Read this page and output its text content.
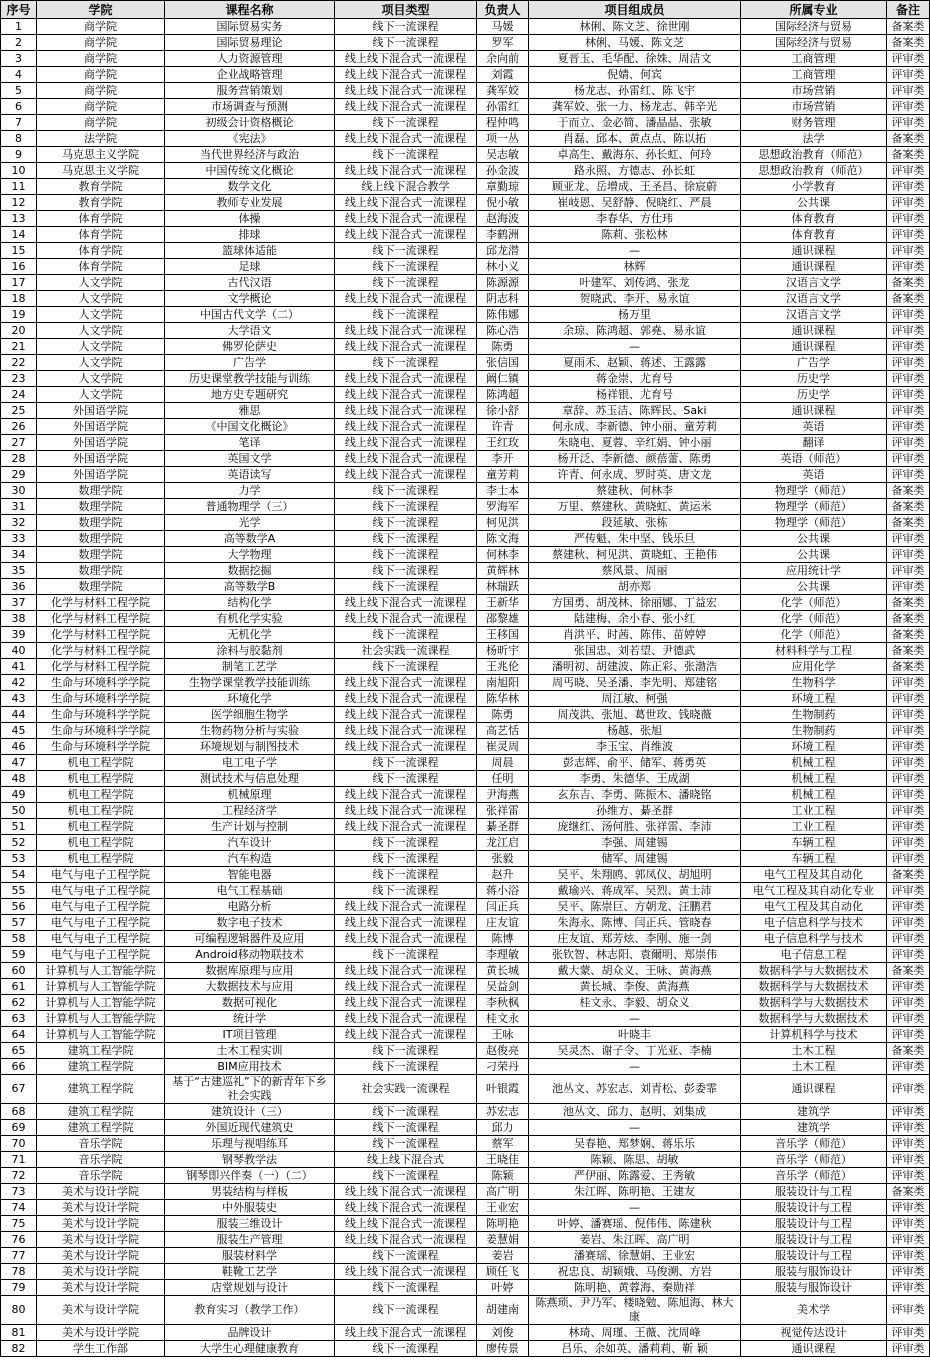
序号	学院	课程名称	项目类型	负责人	项目组成员	所属专业	备注
1	商学院	国际贸易实务	线下一流课程	马媛	林俐、陈文芝、徐世刚	国际经济与贸易	备案类
2	商学院	国际贸易理论	线下一流课程	罗军	林俐、马媛、陈文芝	国际经济与贸易	备案类
3	商学院	人力资源管理	线上线下混合式一流课程	余向前	夏晋玉、毛华配、徐姝、周洁文	工商管理	评审类
4	商学院	企业战略管理	线上线下混合式一流课程	刘霞	倪婧、何宾	工商管理	评审类
5	商学院	服务营销策划	线上线下混合式一流课程	龚军姣	杨龙志、孙雷红、陈飞宇	市场营销	评审类
6	商学院	市场调查与预测	线上线下混合式一流课程	孙雷红	龚军姣、张一力、杨龙志、韩辛光	市场营销	评审类
7	商学院	初级会计资格概论	线下一流课程	程仲鸣	于而立、金必简、潘晶晶、张敏	财务管理	评审类
8	法学院	《宪法》	线上线下混合式一流课程	项一丛	肖磊、邱本、黄点点、陈以拓	法学	备案类
9	马克思主义学院	当代世界经济与政治	线下一流课程	吴志敏	卓高生、戴海东、孙长虹、何玲	思想政治教育（师范）	备案类
10	马克思主义学院	中国传统文化概论	线上线下混合式一流课程	孙金波	路永照、方德志、孙长虹	思想政治教育（师范）	评审类
11	教育学院	数学文化	线上线下混合教学	章勤琼	顾亚龙、岳增成、王圣昌、徐宸蔚	小学教育	评审类
12	教育学院	教师专业发展	线上线下混合式一流课程	倪小敏	崔岐恩、吴舒静、倪晓红、严晨	公共课	评审类
13	体育学院	体操	线上线下混合式一流课程	赵海波	李春华、方仕玮	体育教育	评审类
14	体育学院	排球	线上线下混合式一流课程	李鹤洲	陈莉、张松林	体育教育	评审类
15	体育学院	篮球体适能	线下一流课程	邱龙潜	—	通识课程	评审类
16	体育学院	足球	线下一流课程	林小义	林辉	通识课程	评审类
17	人文学院	古代汉语	线下一流课程	陈源源	叶建军、刘传鸿、张龙	汉语言文学	备案类
18	人文学院	文学概论	线上线下混合式一流课程	阴志科	贺晓武、李开、易永谊	汉语言文学	备案类
19	人文学院	中国古代文学（二）	线下一流课程	陈伟娜	杨万里	汉语言文学	评审类
20	人文学院	大学语文	线上线下混合式一流课程	陈心浩	余琼、陈鸿超、郭堯、易永谊	通识课程	评审类
21	人文学院	佛罗伦萨史	线上线下混合式一流课程	陈勇	—	通识课程	评审类
22	人文学院	广告学	线下一流课程	张信国	夏雨禾、赵颖、蒋述、王露露	广告学	评审类
23	人文学院	历史课堂教学技能与训练	线上线下混合式一流课程	阚仁镇	蒋金崇、尤育号	历史学	评审类
24	人文学院	地方史专题研究	线上线下混合式一流课程	陈鸿超	杨祥银、尤育号	历史学	评审类
25	外国语学院	雅思	线上线下混合式一流课程	徐小舒	章辞、苏玉洁、陈辉民、Saki	通识课程	评审类
26	外国语学院	《中国文化概论》	线上线下混合式一流课程	许青	何永成、李新德、钟小丽、童芳莉	英语	评审类
27	外国语学院	笔译	线上线下混合式一流课程	王红玫	朱晓电、夏蓉、辛红娟、钟小丽	翻译	评审类
28	外国语学院	英国文学	线上线下混合式一流课程	李开	杨开泛、李新德、颜蓓蕾、陈勇	英语（师范）	评审类
29	外国语学院	英语读写	线上线下混合式一流课程	童芳莉	许青、何永成、罗时英、唐文龙	英语	评审类
30	数理学院	力学	线下一流课程	李士本	蔡建秋、何林李	物理学（师范）	备案类
31	数理学院	普通物理学（三）	线下一流课程	罗海军	万里、蔡建秋、黄晓虹、黄运米	物理学（师范）	备案类
32	数理学院	光学	线下一流课程	柯见洪	段延敏、张栋	物理学（师范）	备案类
33	数理学院	高等数学A	线下一流课程	陈文海	严传魁、朱中坚、钱乐旦	公共课	评审类
34	数理学院	大学物理	线下一流课程	何林李	蔡建秋、柯见洪、黄晓虹、王艳伟	公共课	评审类
35	数理学院	数据挖掘	线下一流课程	黄辉林	蔡风景、周丽	应用统计学	评审类
36	数理学院	高等数学B	线下一流课程	林瑞跃	胡亦郑	公共课	评审类
37	化学与材料工程学院	结构化学	线上线下混合式一流课程	王新华	方国勇、胡茂林、徐丽娜、丁益宏	化学（师范）	备案类
38	化学与材料工程学院	有机化学实验	线上线下混合式一流课程	邵黎雄	陆建梅、余小春、张小红	化学（师范）	备案类
39	化学与材料工程学院	无机化学	线下一流课程	王移国	肖洪平、时茜、陈伟、苗婷婷	化学（师范）	备案类
40	化学与材料工程学院	涂料与胶黏剂	社会实践一流课程	杨昕宇	张国忠、刘若望、尹德武	材料科学与工程	备案类
41	化学与材料工程学院	制笔工艺学	线下一流课程	王兆伦	潘明初、胡建波、陈正彩、张渤浩	应用化学	备案类
42	生命与环境科学学院	生物学课堂教学技能训练	线上线下混合式一流课程	南旭阳	周丐晓、吴圣潘、李先明、郑建铭	生物科学	评审类
43	生命与环境科学学院	环境化学	线上线下混合式一流课程	陈华林	周江敏、柯强	环境工程	评审类
44	生命与环境科学学院	医学细胞生物学	线上线下混合式一流课程	陈勇	周茂洪、张旭、葛世玫、钱晓薇	生物制药	评审类
45	生命与环境科学学院	生物药物分析与实验	线上线下混合式一流课程	高艺恬	杨越、张旭	生物制药	评审类
46	生命与环境科学学院	环境规划与制图技术	线上线下混合式一流课程	崔灵周	李玉宝、肖维波	环境工程	评审类
47	机电工程学院	电工电子学	线下一流课程	周晨	彭志辉、俞平、储军、蒋勇英	机械工程	评审类
48	机电工程学院	测试技术与信息处理	线下一流课程	任明	李勇、朱德华、王成湖	机械工程	评审类
49	机电工程学院	机械原理	线上线下混合式一流课程	尹海燕	玄东吉、李勇、陈振木、潘晓铭	机械工程	评审类
50	机电工程学院	工程经济学	线上线下混合式一流课程	张祥雷	孙维方、綦圣群	工业工程	评审类
51	机电工程学院	生产计划与控制	线上线下混合式一流课程	綦圣群	庞继红、汤何胜、张祥雷、李沛	工业工程	评审类
52	机电工程学院	汽车设计	线下一流课程	龙江启	李强、周建锡	车辆工程	评审类
53	机电工程学院	汽车构造	线下一流课程	张毅	储军、周建锡	车辆工程	评审类
54	电气与电子工程学院	智能电器	线下一流课程	赵升	吴平、朱翔鸥、郭凤仪、胡旭明	电气工程及其自动化	备案类
55	电气与电子工程学院	电气工程基础	线下一流课程	蒋小浴	戴瑜兴、蒋成军、吴烈、黄士沛	电气工程及其自动化专业	评审类
56	电气与电子工程学院	电路分析	线上线下混合式一流课程	闫正兵	吴平、陈崇巨、方朝龙、汪鹏君	电气工程及其自动化	评审类
57	电气与电子工程学院	数字电子技术	线上线下混合式一流课程	庄友谊	朱海永、陈博、闫正兵、管晓春	电子信息科学与技术	评审类
58	电气与电子工程学院	可编程逻辑器件及应用	线上线下混合式一流课程	陈博	庄友谊、郑芳炫、李刚、施一剑	电子信息科学与技术	评审类
59	电气与电子工程学院	Android移动物联技术	线下一流课程	李理敏	张钦智、林志阳、袁爾明、郑崇伟	电子信息工程	评审类
60	计算机与人工智能学院	数据库原理与应用	线上线下混合式一流课程	黄长城	戴大蒙、胡众义、王咏、黄海燕	数据科学与大数据技术	备案类
61	计算机与人工智能学院	大数据技术与应用	线上线下混合式一流课程	吴益剑	黄长城、李俊、黄海燕	数据科学与大数据技术	评审类
62	计算机与人工智能学院	数据可视化	线上线下混合式一流课程	李秋枫	桂文永、李毅、胡众义	数据科学与大数据技术	评审类
63	计算机与人工智能学院	统计学	线上线下混合式一流课程	桂文永	—	数据科学与大数据技术	评审类
64	计算机与人工智能学院	IT项目管理	线上线下混合式一流课程	王咏	叶晓丰	计算机科学与技术	评审类
65	建筑工程学院	土木工程实训	线下一流课程	赵俊亮	吴灵杰、谢子令、丁光亚、李楠	土木工程	备案类
66	建筑工程学院	BIM应用技术	线下一流课程	刁荣丹	—	土木工程	评审类
67	建筑工程学院	基于“古建巡礼”下的新青年下乡社会实践	社会实践一流课程	叶银霞	池丛文、苏宏志、刘青松、彭委霏	通识课程	评审类
68	建筑工程学院	建筑设计（三）	线下一流课程	苏宏志	池丛文、邱力、赵明、刘集成	建筑学	评审类
69	建筑工程学院	外国近现代建筑史	线下一流课程	邱力	—	建筑学	评审类
70	音乐学院	乐理与视唱练耳	线下一流课程	蔡军	吴春艳、郑梦娴、蒋乐乐	音乐学（师范）	评审类
71	音乐学院	钢琴教学法	线上线下混合式	王晓佳	陈颖、陈思、胡敏	音乐学（师范）	评审类
72	音乐学院	钢琴即兴伴奏（一）（二）	线下一流课程	陈颖	严伊丽、陈露爱、王秀敏	音乐学（师范）	评审类
73	美术与设计学院	男装结构与样板	线上线下混合式一流课程	高广明	朱江晖、陈明艳、王建友	服装设计与工程	备案类
74	美术与设计学院	中外服装史	线上线下混合式一流课程	王业宏	—	服装设计与工程	评审类
75	美术与设计学院	服装三维设计	线上线下混合式一流课程	陈明艳	叶婷、潘赛瑶、倪伟伟、陈建秋	服装设计与工程	评审类
76	美术与设计学院	服装生产管理	线上线下混合式一流课程	姜慧娟	姜岩、朱江晖、高广明	服装设计与工程	评审类
77	美术与设计学院	服装材料学	线下一流课程	姜岩	潘赛瑶、徐慧娟、王业宏	服装设计与工程	评审类
78	美术与设计学院	鞋靴工艺学	线上线下混合式一流课程	顾任飞	祝忠良、胡颖娥、马俊溯、方岩	服装与服饰设计	评审类
79	美术与设计学院	店堂规划与设计	线下一流课程	叶婷	陈明艳、黄蓉海、秦勋祥	服装与服饰设计	评审类
80	美术与设计学院	教育实习（教学工作）	线下一流课程	胡建南	陈燕琐、尹乃军、楼晓勉、陈旭海、林大康	美术学	评审类
81	美术与设计学院	品牌设计	线上线下混合式一流课程	刘俊	林琦、周瑾、王薇、沈周峰	视觉传达设计	评审类
82	学生工作部	大学生心理健康教育	线下一流课程	廖传景	吕乐、余如英、潘莉莉、靳 颖	通识课程	评审类
